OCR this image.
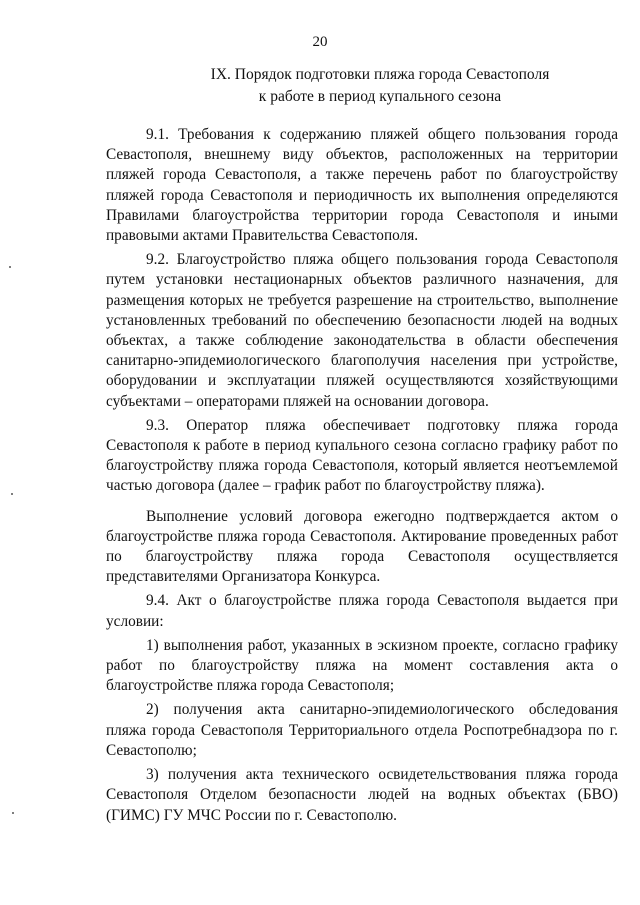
20
IX. Порядок подготовки пляжа города Севастополя
к работе в период купального сезона

9.1. Требования к содержанию пляжей общего пользования города Севастополя, внешнему виду объектов, расположенных на территории пляжей города Севастополя, а также перечень работ по благоустройству пляжей города Севастополя и периодичность их выполнения определяются Правилами благоустройства территории города Севастополя и иными правовыми актами Правительства Севастополя.

9.2. Благоустройство пляжа общего пользования города Севастополя путем установки нестационарных объектов различного назначения, для размещения которых не требуется разрешение на строительство, выполнение установленных требований по обеспечению безопасности людей на водных объектах, а также соблюдение законодательства в области обеспечения санитарно-эпидемиологического благополучия населения при устройстве, оборудовании и эксплуатации пляжей осуществляются хозяйствующими субъектами – операторами пляжей на основании договора.

9.3. Оператор пляжа обеспечивает подготовку пляжа города Севастополя к работе в период купального сезона согласно графику работ по благоустройству пляжа города Севастополя, который является неотъемлемой частью договора (далее – график работ по благоустройству пляжа).

Выполнение условий договора ежегодно подтверждается актом о благоустройстве пляжа города Севастополя. Актирование проведенных работ по благоустройству пляжа города Севастополя осуществляется представителями Организатора Конкурса.

9.4. Акт о благоустройстве пляжа города Севастополя выдается при условии:

1) выполнения работ, указанных в эскизном проекте, согласно графику работ по благоустройству пляжа на момент составления акта о благоустройстве пляжа города Севастополя;

2) получения акта санитарно-эпидемиологического обследования пляжа города Севастополя Территориального отдела Роспотребнадзора по г. Севастополю;

3) получения акта технического освидетельствования пляжа города Севастополя Отделом безопасности людей на водных объектах (БВО) (ГИМС) ГУ МЧС России по г. Севастополю.
